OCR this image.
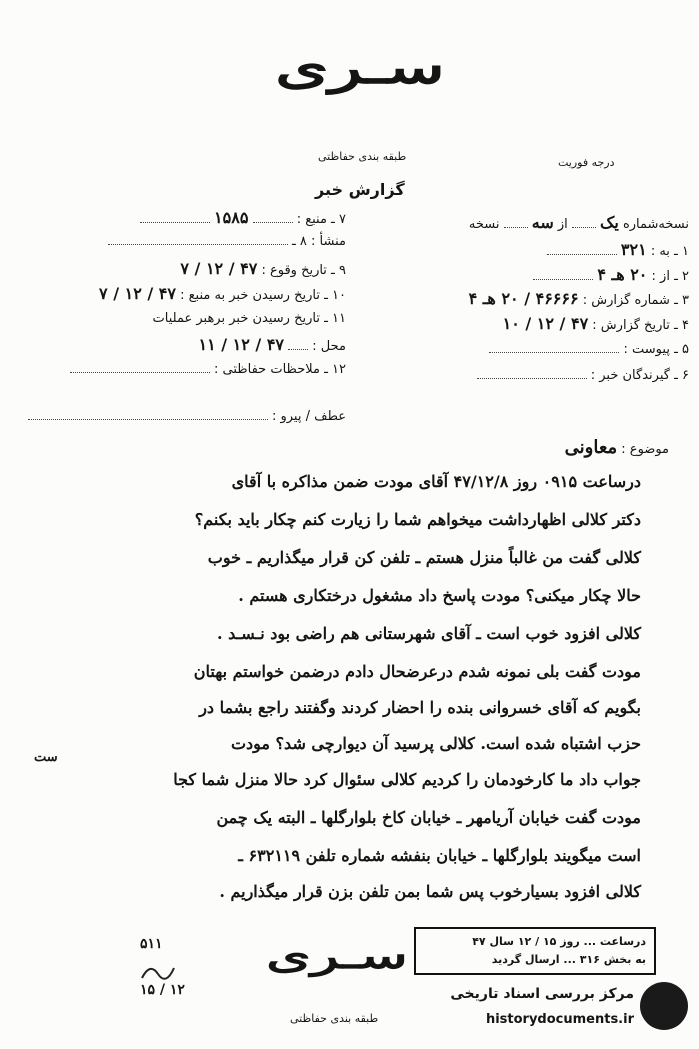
سـری
طبقه بندی حفاظتی	درجه فوریت
گزارش خبر
نسخه‌شماره یک  از سه  نسخه
۱ ـ به : ۳۲۱
۲ ـ از : ۲۰ هـ ۴
۳ ـ شماره گزارش : ۴۶۶۶۶ / ۲۰ هـ ۴
۴ ـ تاریخ گزارش : ۴۷ / ۱۲ / ۱۰
۵ ـ پیوست :
۶ ـ گیرندگان خبر :
۷ ـ منبع :  ۱۵۸۵
منشأ : ۸ ـ
۹ ـ تاریخ وقوع : ۴۷ / ۱۲ / ۷
۱۰ ـ تاریخ رسیدن خبر به منبع : ۴۷ / ۱۲ / ۷
۱۱ ـ تاریخ رسیدن خبر برهبر عملیات
محل :  ۴۷ / ۱۲ / ۱۱
۱۲ ـ ملاحظات حفاظتی :
عطف / پیرو :
موضوع : معاونی
درساعت ۰۹۱۵ روز ۴۷/۱۲/۸ آقای مودت ضمن مذاکره با آقای
دکتر کلالی اظهارداشت میخواهم شما را زیارت کنم چکار باید بکنم؟
کلالی گفت من غالباً منزل هستم ـ تلفن کن قرار میگذاریم ـ خوب
حالا چکار میکنی؟ مودت پاسخ داد مشغول درختکاری هستم .
کلالی افزود خوب است ـ آقای شهرستانی هم راضی بود نـسـد .
مودت گفت بلی نمونه شدم درعرضحال دادم درضمن خواستم بهتان
بگویم که آقای خسروانی بنده را احضار کردند وگفتند راجع بشما در
حزب اشتباه شده است. کلالی پرسید آن دیوارچی شد؟ مودت
جواب داد ما کارخودمان را کردیم کلالی سئوال کرد حالا منزل شما کجا
مودت گفت خیابان آریامهر ـ خیابان کاخ بلوارگلها ـ البته یک چمن
است میگویند بلوارگلها ـ خیابان بنفشه شماره تلفن ۶۳۲۱۱۹ ـ
کلالی افزود بسیارخوب پس شما بمن تلفن بزن قرار میگذاریم .
ست
سـری	درساعت ... روز ۱۵ / ۱۲ سال ۴۷
به بخش ۳۱۶ ... ارسال گردید
۵۱۱
۱۵ / ۱۲
طبقه بندی حفاظتی
مرکز بررسی اسناد تاریخی
historydocuments.ir
